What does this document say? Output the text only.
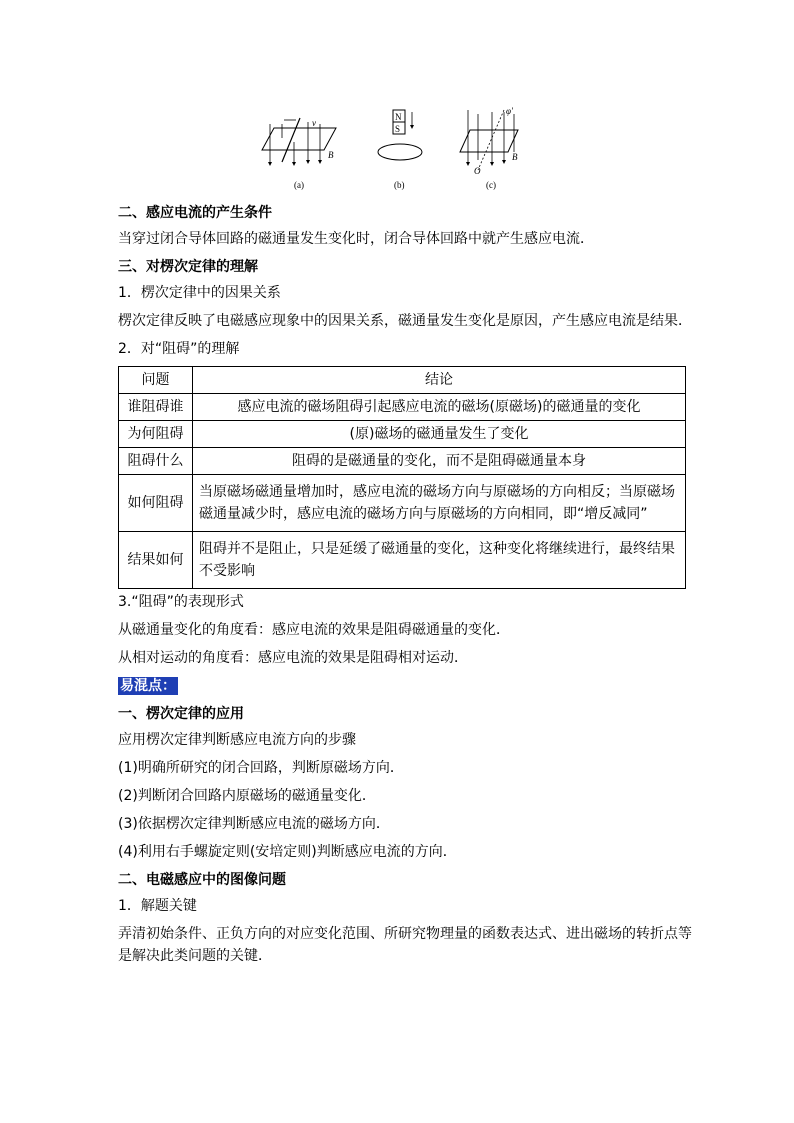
v
B
(a)
N
S
(b)
φ'
O
B
(c)
二、感应电流的产生条件
当穿过闭合导体回路的磁通量发生变化时，闭合导体回路中就产生感应电流．
三、对楞次定律的理解
1．楞次定律中的因果关系
楞次定律反映了电磁感应现象中的因果关系，磁通量发生变化是原因，产生感应电流是结果．
2．对“阻碍”的理解
问题	结论
谁阻碍谁	感应电流的磁场阻碍引起感应电流的磁场(原磁场)的磁通量的变化
为何阻碍	(原)磁场的磁通量发生了变化
阻碍什么	阻碍的是磁通量的变化，而不是阻碍磁通量本身
如何阻碍	当原磁场磁通量增加时，感应电流的磁场方向与原磁场的方向相反；当原磁场磁通量减少时，感应电流的磁场方向与原磁场的方向相同，即“增反减同”
结果如何	阻碍并不是阻止，只是延缓了磁通量的变化，这种变化将继续进行，最终结果不受影响
3.“阻碍”的表现形式
从磁通量变化的角度看：感应电流的效果是阻碍磁通量的变化．
从相对运动的角度看：感应电流的效果是阻碍相对运动．
易混点：
一、楞次定律的应用
应用楞次定律判断感应电流方向的步骤
(1)明确所研究的闭合回路，判断原磁场方向．
(2)判断闭合回路内原磁场的磁通量变化．
(3)依据楞次定律判断感应电流的磁场方向．
(4)利用右手螺旋定则(安培定则)判断感应电流的方向．
二、电磁感应中的图像问题
1．解题关键
弄清初始条件、正负方向的对应变化范围、所研究物理量的函数表达式、进出磁场的转折点等是解决此类问题的关键．
